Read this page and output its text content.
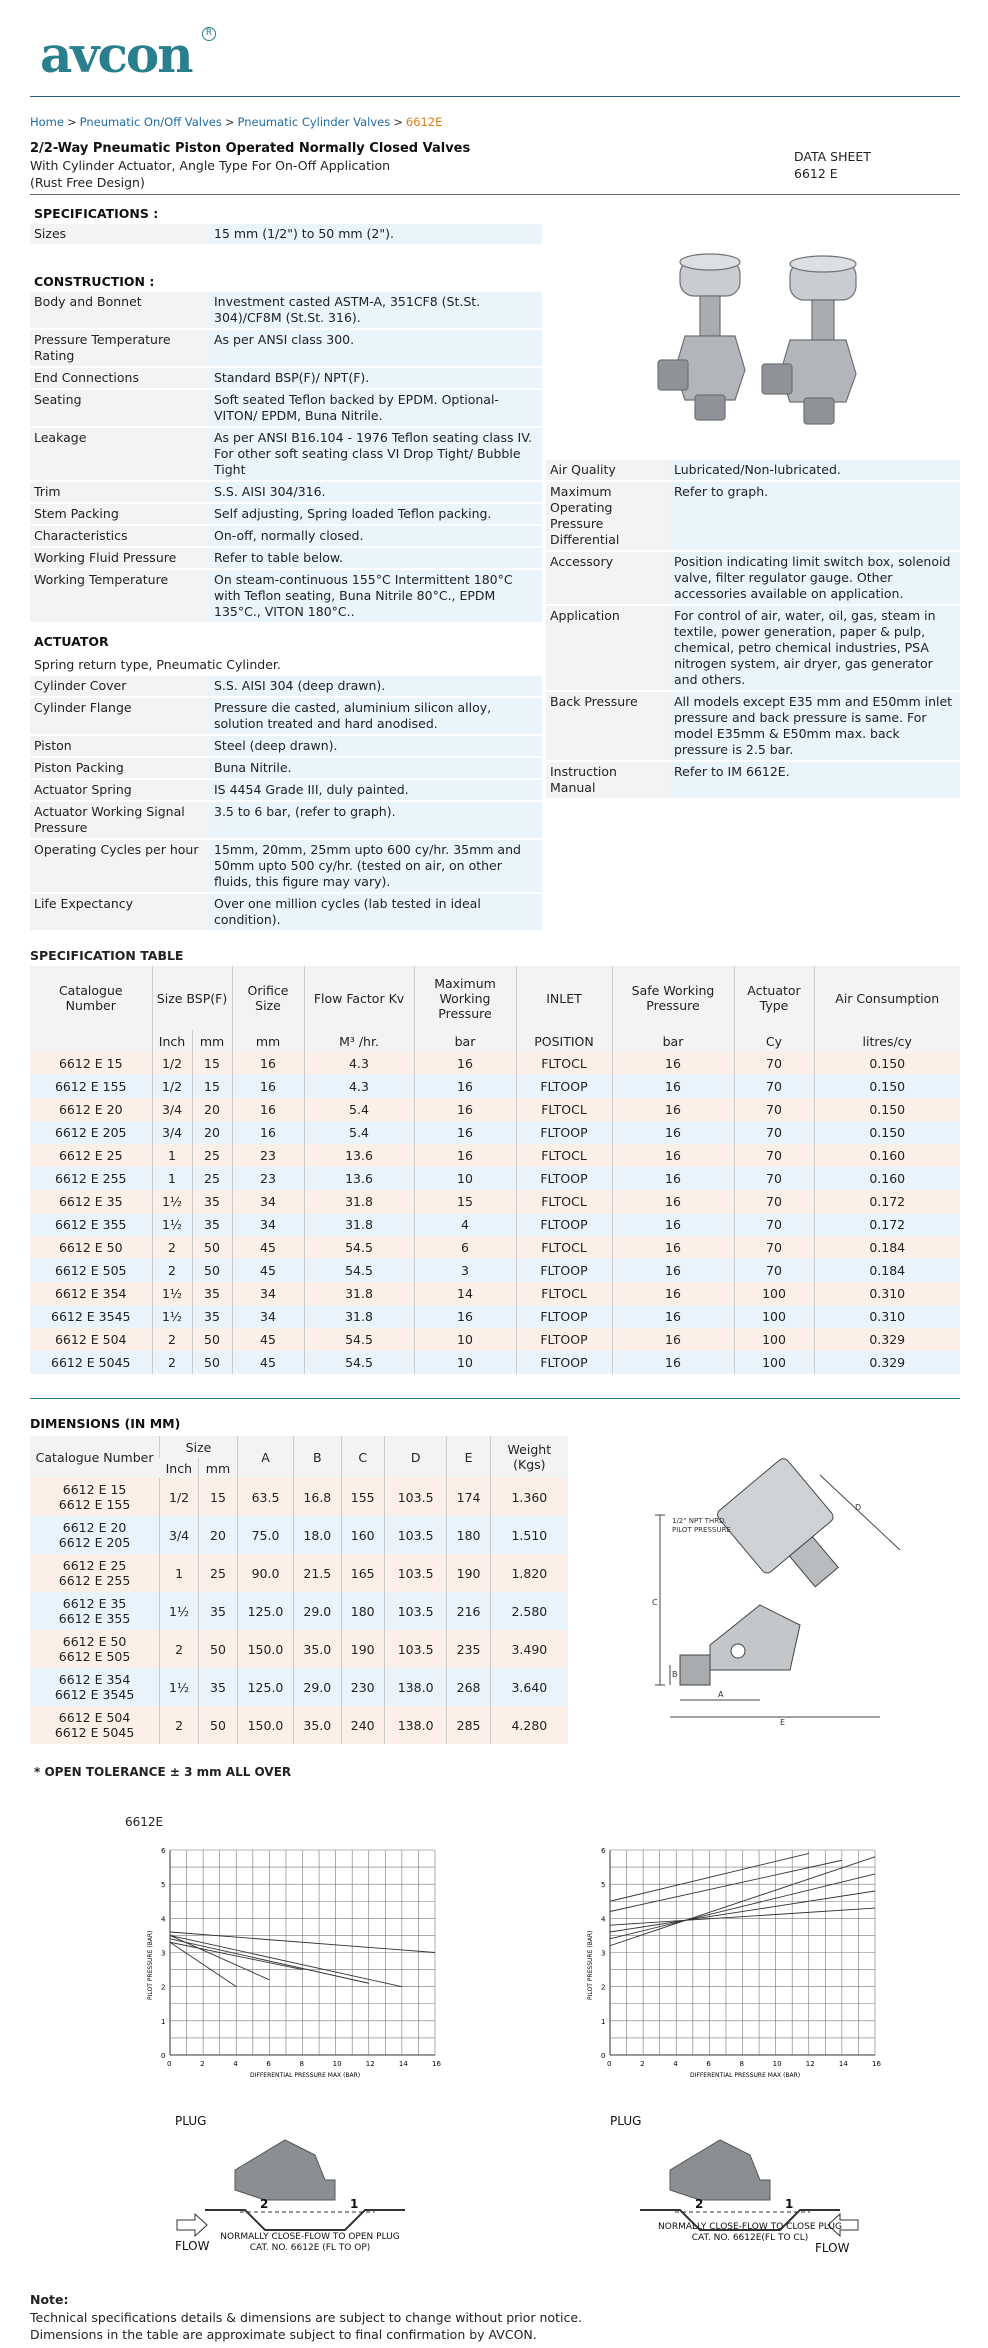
avcon	R
Home > Pneumatic On/Off Valves > Pneumatic Cylinder Valves > 6612E
2/2-Way Pneumatic Piston Operated Normally Closed Valves
With Cylinder Actuator, Angle Type For On-Off Application
(Rust Free Design)
DATA SHEET
6612 E
SPECIFICATIONS :
Sizes	15 mm (1/2") to 50 mm (2").
CONSTRUCTION :
Body and Bonnet	Investment casted ASTM-A, 351CF8 (St.St. 304)/CF8M (St.St. 316).
Pressure Temperature Rating	As per ANSI class 300.
End Connections	Standard BSP(F)/ NPT(F).
Seating	Soft seated Teflon backed by EPDM. Optional-VITON/ EPDM, Buna Nitrile.
Leakage	As per ANSI B16.104 - 1976 Teflon seating class IV. For other soft seating class VI Drop Tight/ Bubble Tight
Trim	S.S. AISI 304/316.
Stem Packing	Self adjusting, Spring loaded Teflon packing.
Characteristics	On-off, normally closed.
Working Fluid Pressure	Refer to table below.
Working Temperature	On steam-continuous 155°C Intermittent 180°C with Teflon seating, Buna Nitrile 80°C., EPDM 135°C., VITON 180°C..
Air Quality	Lubricated/Non-lubricated.
Maximum Operating Pressure Differential	Refer to graph.
Accessory	Position indicating limit switch box, solenoid valve, filter regulator gauge. Other accessories available on application.
Application	For control of air, water, oil, gas, steam in textile, power generation, paper & pulp, chemical, petro chemical industries, PSA nitrogen system, air dryer, gas generator and others.
Back Pressure	All models except E35 mm and E50mm inlet pressure and back pressure is same. For model E35mm & E50mm max. back pressure is 2.5 bar.
Instruction Manual	Refer to IM 6612E.
ACTUATOR
Spring return type, Pneumatic Cylinder.
Cylinder Cover	S.S. AISI 304 (deep drawn).
Cylinder Flange	Pressure die casted, aluminium silicon alloy, solution treated and hard anodised.
Piston	Steel (deep drawn).
Piston Packing	Buna Nitrile.
Actuator Spring	IS 4454 Grade III, duly painted.
Actuator Working Signal Pressure	3.5 to 6 bar, (refer to graph).
Operating Cycles per hour	15mm, 20mm, 25mm upto 600 cy/hr. 35mm and 50mm upto 500 cy/hr. (tested on air, on other fluids, this figure may vary).
Life Expectancy	Over one million cycles (lab tested in ideal condition).
SPECIFICATION TABLE
Catalogue Number	Size BSP(F)		Orifice Size	Flow Factor Kv	Maximum Working Pressure	INLET	Safe Working Pressure	Actuator Type	Air Consumption
	Inch	mm	mm	M³ /hr.	bar	POSITION	bar	Cy	litres/cy
6612 E 15	1/2	15	16	4.3	16	FLTOCL	16	70	0.150
6612 E 155	1/2	15	16	4.3	16	FLTOOP	16	70	0.150
6612 E 20	3/4	20	16	5.4	16	FLTOCL	16	70	0.150
6612 E 205	3/4	20	16	5.4	16	FLTOOP	16	70	0.150
6612 E 25	1	25	23	13.6	16	FLTOCL	16	70	0.160
6612 E 255	1	25	23	13.6	10	FLTOOP	16	70	0.160
6612 E 35	1½	35	34	31.8	15	FLTOCL	16	70	0.172
6612 E 355	1½	35	34	31.8	4	FLTOOP	16	70	0.172
6612 E 50	2	50	45	54.5	6	FLTOCL	16	70	0.184
6612 E 505	2	50	45	54.5	3	FLTOOP	16	70	0.184
6612 E 354	1½	35	34	31.8	14	FLTOCL	16	100	0.310
6612 E 3545	1½	35	34	31.8	16	FLTOOP	16	100	0.310
6612 E 504	2	50	45	54.5	10	FLTOOP	16	100	0.329
6612 E 5045	2	50	45	54.5	10	FLTOOP	16	100	0.329
DIMENSIONS (IN MM)
Catalogue Number	Size		A	B	C	D	E	Weight (Kgs)
	Inch	mm						

6612 E 15
6612 E 155	1/2	15	63.5	16.8	155	103.5	174	1.360

6612 E 20
6612 E 205	3/4	20	75.0	18.0	160	103.5	180	1.510

6612 E 25
6612 E 255	1	25	90.0	21.5	165	103.5	190	1.820

6612 E 35
6612 E 355	1½	35	125.0	29.0	180	103.5	216	2.580

6612 E 50
6612 E 505	2	50	150.0	35.0	190	103.5	235	3.490

6612 E 354
6612 E 3545	1½	35	125.0	29.0	230	138.0	268	3.640

6612 E 504
6612 E 5045	2	50	150.0	35.0	240	138.0	285	4.280
* OPEN TOLERANCE ± 3 mm ALL OVER
1/2" NPT THRD.
PILOT PRESSURE
C
A
B
D
E
6612E
0	2	4	6	8	10	12	14	16
0
1
2
3
4
5
6
DIFFERENTIAL PRESSURE MAX (BAR)
PILOT PRESSURE (BAR)
0	2	4	6	8	10	12	14	16
0
1
2
3
4
5
6
DIFFERENTIAL PRESSURE MAX (BAR)
PILOT PRESSURE (BAR)
PLUG
FLOW
2	1
NORMALLY CLOSE-FLOW TO OPEN PLUG
CAT. NO. 6612E (FL TO OP)
PLUG
FLOW
2	1
NORMALLY CLOSE-FLOW TO CLOSE PLUG
CAT. NO. 6612E(FL TO CL)
Note:
Technical specifications details & dimensions are subject to change without prior notice.
Dimensions in the table are approximate subject to final confirmation by AVCON.
